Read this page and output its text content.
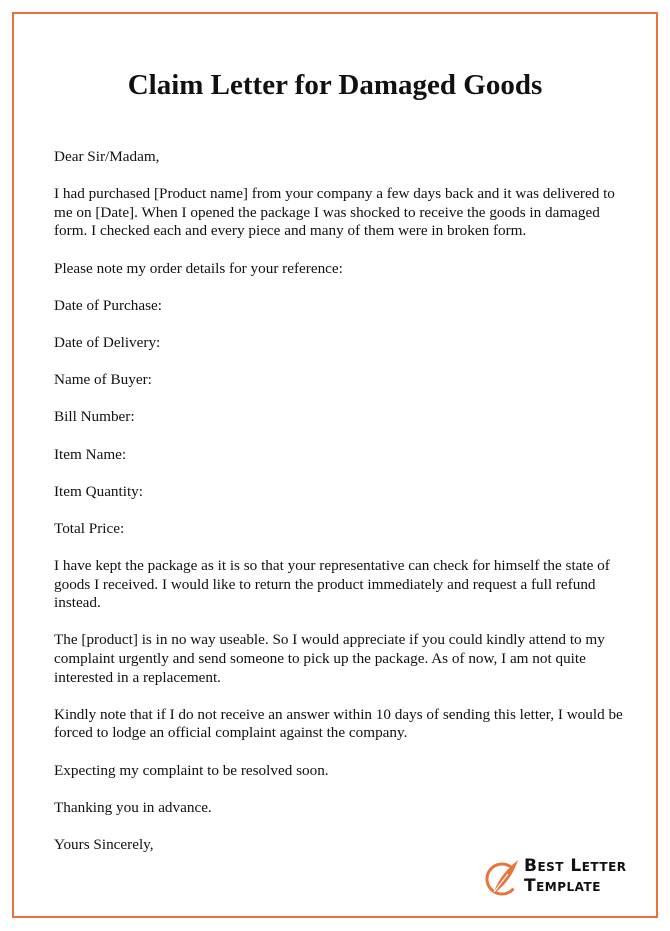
Claim Letter for Damaged Goods

Dear Sir/Madam,

I had purchased [Product name] from your company a few days back and it was delivered to me on [Date]. When I opened the package I was shocked to receive the goods in damaged form. I checked each and every piece and many of them were in broken form.

Please note my order details for your reference:

Date of Purchase:

Date of Delivery:

Name of Buyer:

Bill Number:

Item Name:

Item Quantity:

Total Price:

I have kept the package as it is so that your representative can check for himself the state of goods I received. I would like to return the product immediately and request a full refund instead.

The [product] is in no way useable. So I would appreciate if you could kindly attend to my complaint urgently and send someone to pick up the package. As of now, I am not quite interested in a replacement.

Kindly note that if I do not receive an answer within 10 days of sending this letter, I would be forced to lodge an official complaint against the company.

Expecting my complaint to be resolved soon.

Thanking you in advance.

Yours Sincerely,

Best Letter
Template
